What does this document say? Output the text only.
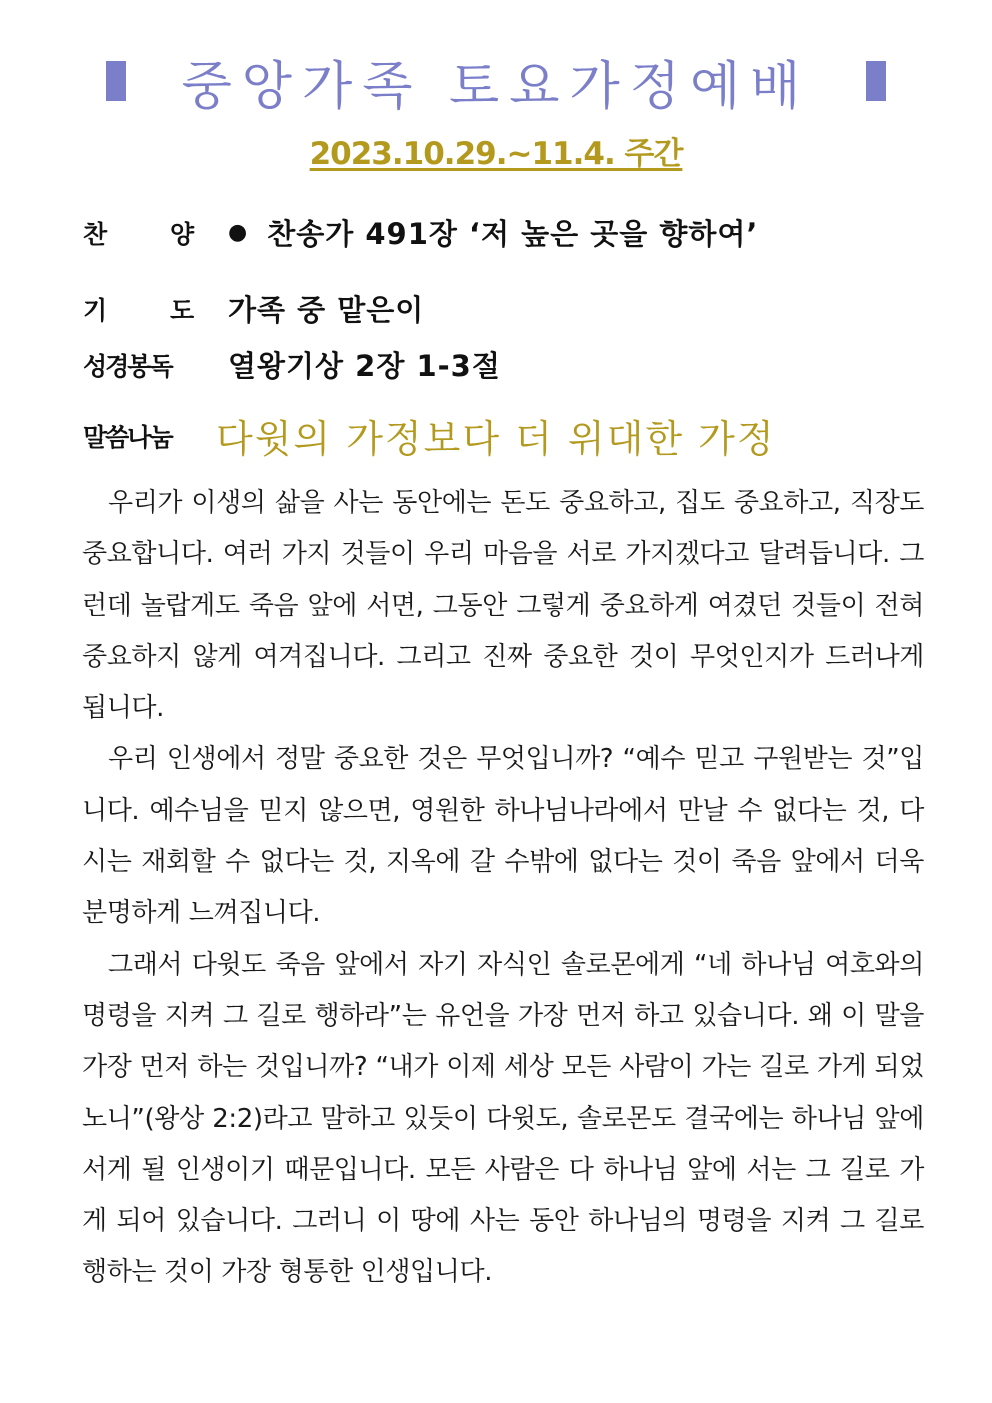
중앙가족 토요가정예배
2023.10.29.~11.4. 주간
찬	양 ● 찬송가 491장 ‘저 높은 곳을 향하여’
기	도 가족 중 맡은이
성경봉독	열왕기상 2장 1-3절
말씀나눔	다윗의 가정보다 더 위대한 가정

우리가 이생의 삶을 사는 동안에는 돈도 중요하고, 집도 중요하고, 직장도 중요합니다. 여러 가지 것들이 우리 마음을 서로 가지겠다고 달려듭니다. 그런데 놀랍게도 죽음 앞에 서면, 그동안 그렇게 중요하게 여겼던 것들이 전혀 중요하지 않게 여겨집니다. 그리고 진짜 중요한 것이 무엇인지가 드러나게 됩니다.

우리 인생에서 정말 중요한 것은 무엇입니까? “예수 믿고 구원받는 것”입니다. 예수님을 믿지 않으면, 영원한 하나님나라에서 만날 수 없다는 것, 다시는 재회할 수 없다는 것, 지옥에 갈 수밖에 없다는 것이 죽음 앞에서 더욱 분명하게 느껴집니다.

그래서 다윗도 죽음 앞에서 자기 자식인 솔로몬에게 “네 하나님 여호와의 명령을 지켜 그 길로 행하라”는 유언을 가장 먼저 하고 있습니다. 왜 이 말을 가장 먼저 하는 것입니까? “내가 이제 세상 모든 사람이 가는 길로 가게 되었노니”(왕상 2:2)라고 말하고 있듯이 다윗도, 솔로몬도 결국에는 하나님 앞에 서게 될 인생이기 때문입니다. 모든 사람은 다 하나님 앞에 서는 그 길로 가게 되어 있습니다. 그러니 이 땅에 사는 동안 하나님의 명령을 지켜 그 길로 행하는 것이 가장 형통한 인생입니다.
